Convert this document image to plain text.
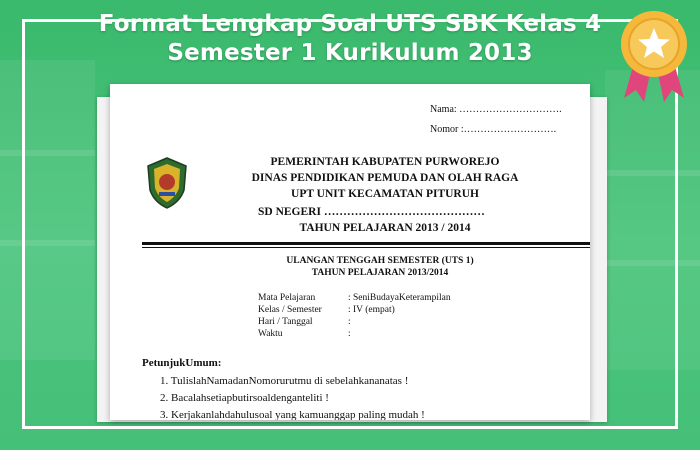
Format Lengkap Soal UTS SBK Kelas 4
Semester 1 Kurikulum 2013
Nama: ………………………….
Nomor :……………………….
PEMERINTAH KABUPATEN PURWOREJO
DINAS PENDIDIKAN PEMUDA DAN OLAH RAGA
UPT UNIT KECAMATAN PITURUH
SD NEGERI ……………………………………
TAHUN PELAJARAN 2013 / 2014
ULANGAN TENGGAH SEMESTER (UTS 1)
TAHUN PELAJARAN 2013/2014
Mata Pelajaran	: SeniBudayaKeterampilan
Kelas / Semester	: IV (empat)
Hari / Tanggal	:
Waktu	:
PetunjukUmum:
1. TulislahNamadanNomorurutmu di sebelahkananatas !
2. Bacalahsetiapbutirsoaldenganteliti !
3. Kerjakanlahdahulusoal yang kamuanggap paling mudah !
